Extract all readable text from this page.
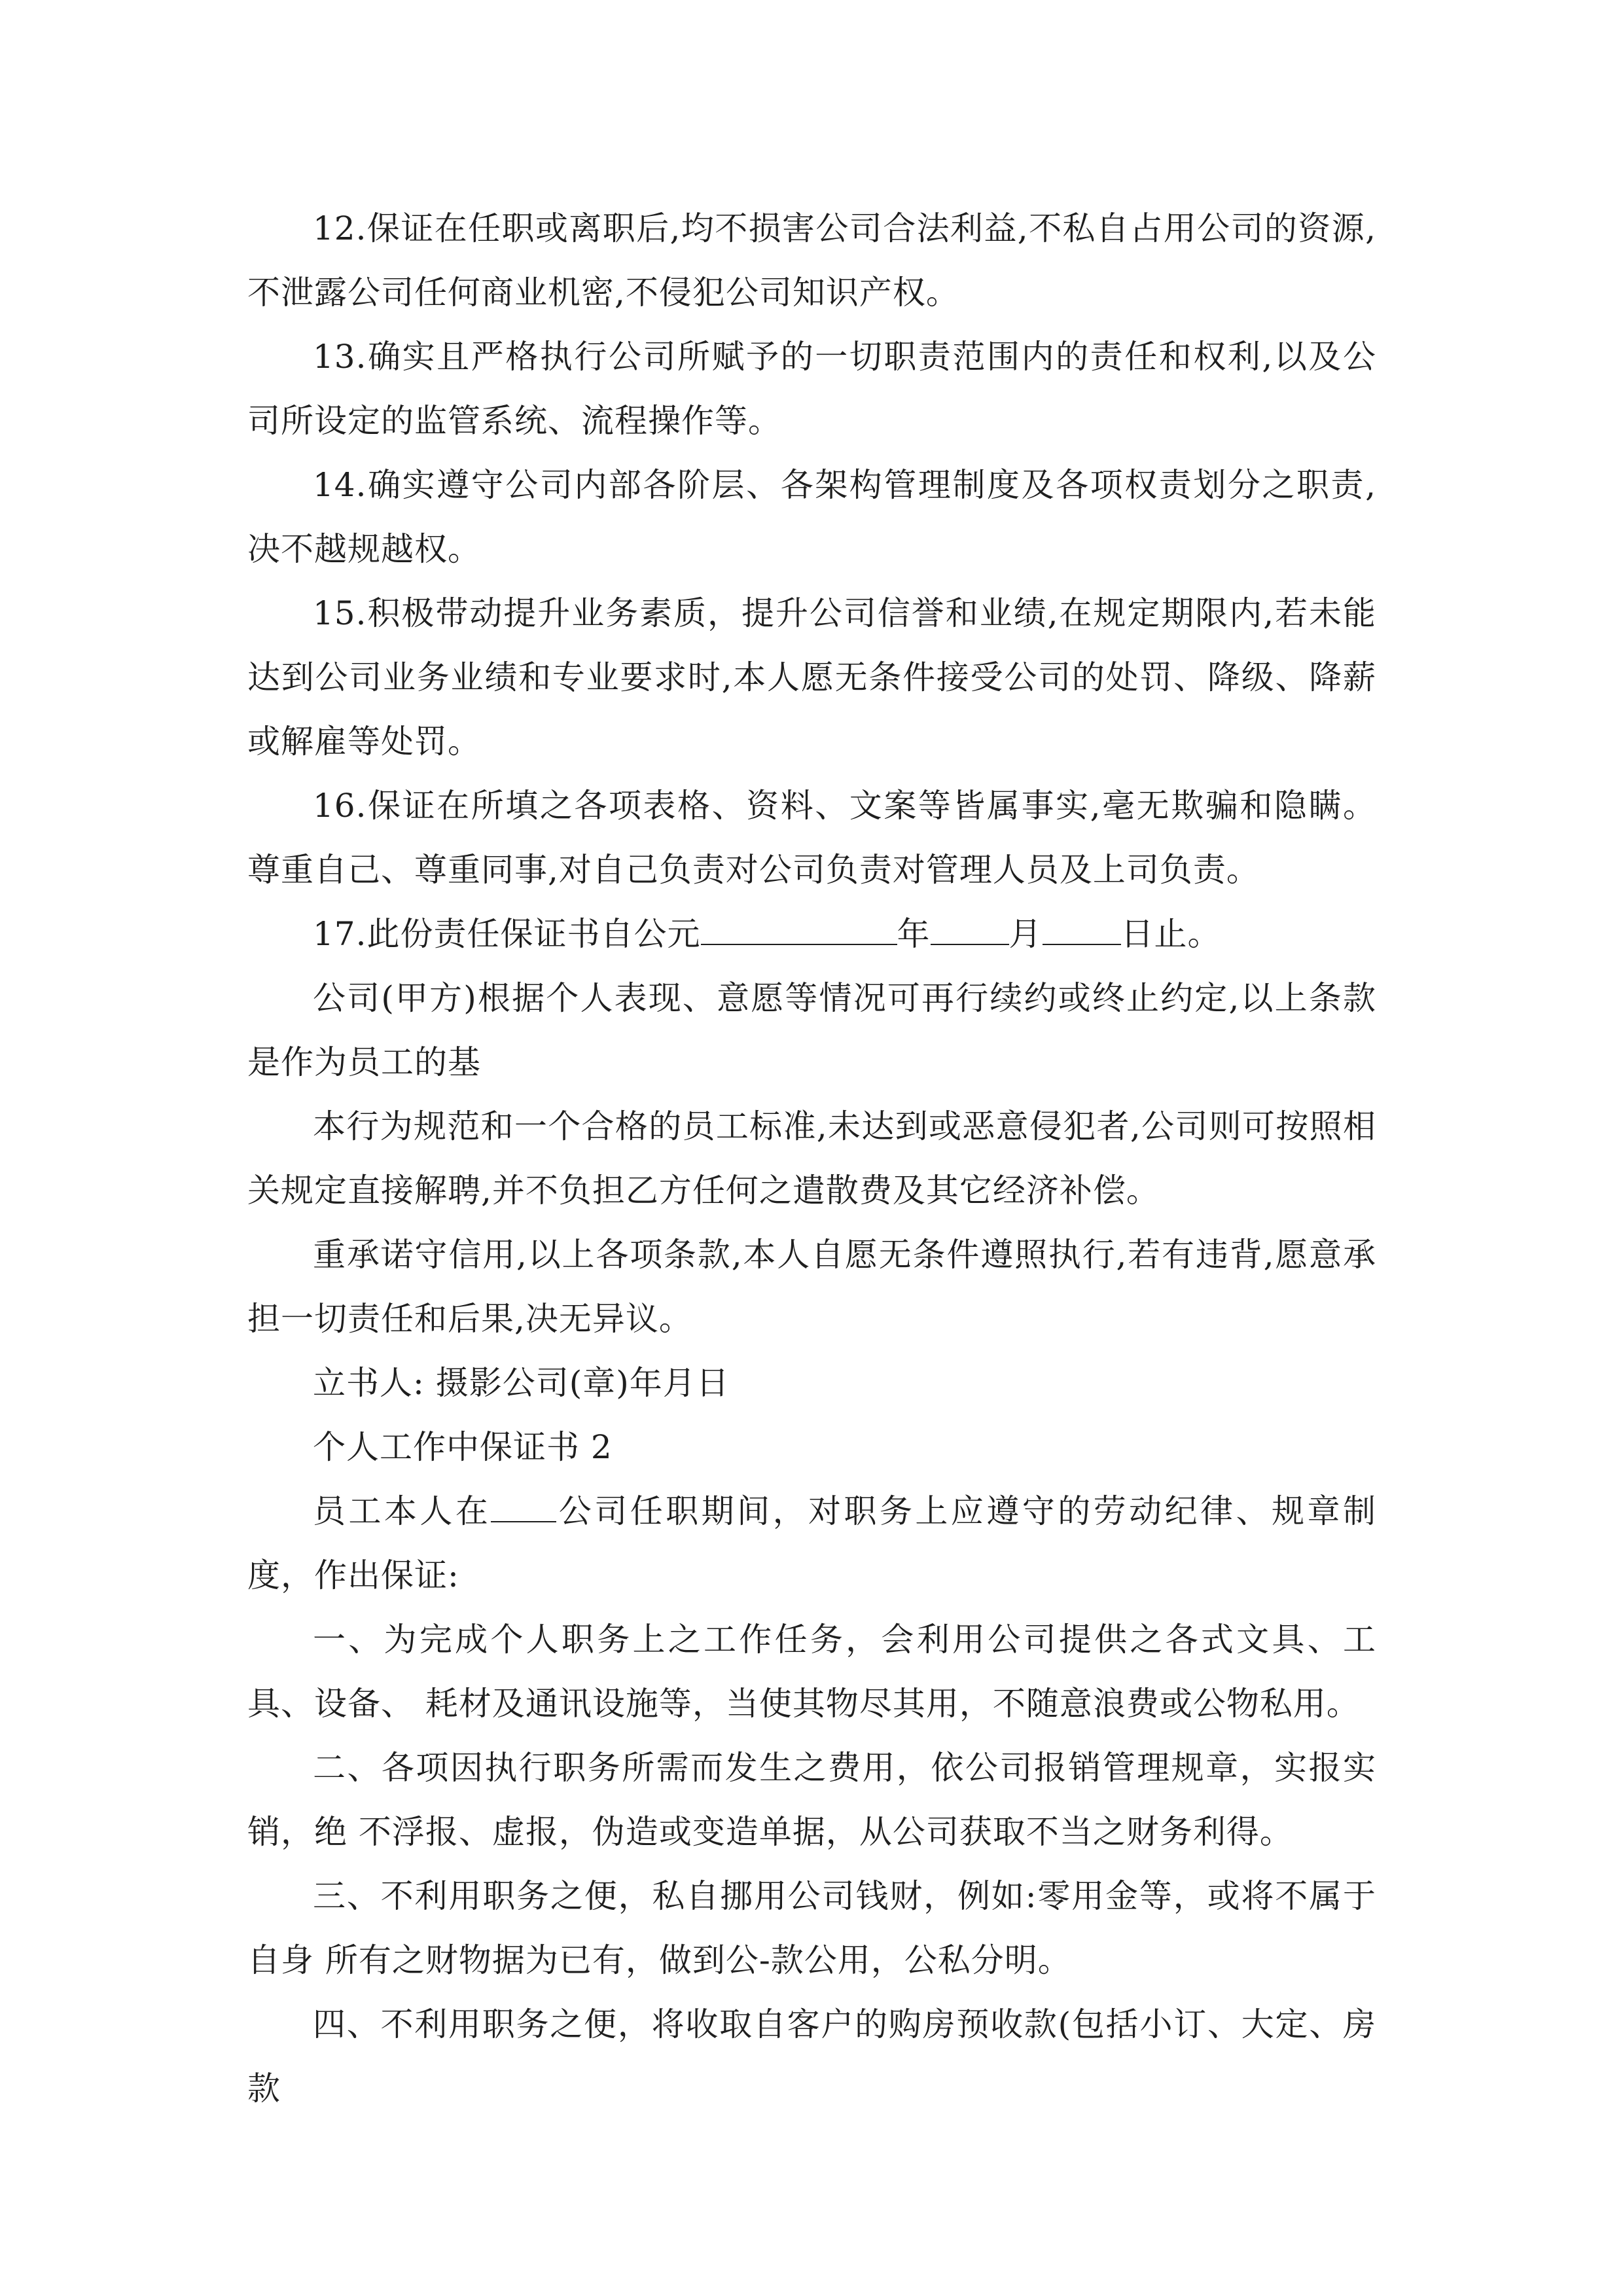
12.保证在任职或离职后,均不损害公司合法利益,不私自占用公司的资源,不泄露公司任何商业机密,不侵犯公司知识产权。

13.确实且严格执行公司所赋予的一切职责范围内的责任和权利,以及公司所设定的监管系统、流程操作等。

14.确实遵守公司内部各阶层、各架构管理制度及各项权责划分之职责,决不越规越权。

15.积极带动提升业务素质，提升公司信誉和业绩,在规定期限内,若未能达到公司业务业绩和专业要求时,本人愿无条件接受公司的处罚、降级、降薪或解雇等处罚。

16.保证在所填之各项表格、资料、文案等皆属事实,毫无欺骗和隐瞒。 尊重自己、尊重同事,对自己负责对公司负责对管理人员及上司负责。

17.此份责任保证书自公元	年 月 日止。

公司(甲方)根据个人表现、意愿等情况可再行续约或终止约定,以上条款是作为员工的基

本行为规范和一个合格的员工标准,未达到或恶意侵犯者,公司则可按照相关规定直接解聘,并不负担乙方任何之遣散费及其它经济补偿。

重承诺守信用,以上各项条款,本人自愿无条件遵照执行,若有违背,愿意承担一切责任和后果,决无异议。

立书人: 摄影公司(章)年月日

个人工作中保证书 2

员工本人在 公司任职期间，对职务上应遵守的劳动纪律、规章制度，作出保证:

一、为完成个人职务上之工作任务，会利用公司提供之各式文具、工具、设备、 耗材及通讯设施等，当使其物尽其用，不随意浪费或公物私用。

二、各项因执行职务所需而发生之费用，依公司报销管理规章，实报实销，绝 不浮报、虚报，伪造或变造单据，从公司获取不当之财务利得。

三、不利用职务之便，私自挪用公司钱财，例如:零用金等，或将不属于自身 所有之财物据为已有，做到公-款公用，公私分明。

四、不利用职务之便，将收取自客户的购房预收款(包括小订、大定、房款
